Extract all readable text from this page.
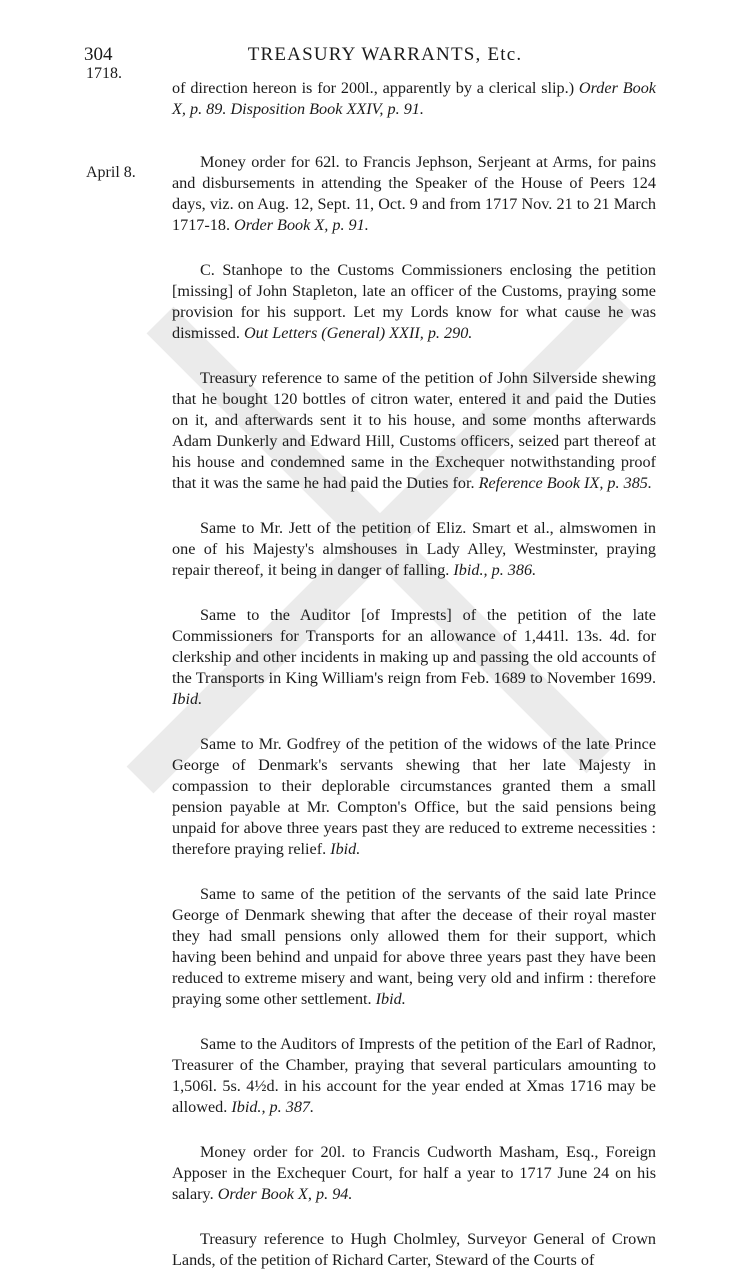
304
1718.
TREASURY WARRANTS, Etc.
April 8.

of direction hereon is for 200l., apparently by a clerical slip.) Order Book X, p. 89. Disposition Book XXIV, p. 91.

Money order for 62l. to Francis Jephson, Serjeant at Arms, for pains and disbursements in attending the Speaker of the House of Peers 124 days, viz. on Aug. 12, Sept. 11, Oct. 9 and from 1717 Nov. 21 to 21 March 1717-18. Order Book X, p. 91.

C. Stanhope to the Customs Commissioners enclosing the petition [missing] of John Stapleton, late an officer of the Customs, praying some provision for his support. Let my Lords know for what cause he was dismissed. Out Letters (General) XXII, p. 290.

Treasury reference to same of the petition of John Silverside shewing that he bought 120 bottles of citron water, entered it and paid the Duties on it, and afterwards sent it to his house, and some months afterwards Adam Dunkerly and Edward Hill, Customs officers, seized part thereof at his house and condemned same in the Exchequer notwithstanding proof that it was the same he had paid the Duties for. Reference Book IX, p. 385.

Same to Mr. Jett of the petition of Eliz. Smart et al., almswomen in one of his Majesty's almshouses in Lady Alley, Westminster, praying repair thereof, it being in danger of falling. Ibid., p. 386.

Same to the Auditor [of Imprests] of the petition of the late Commissioners for Transports for an allowance of 1,441l. 13s. 4d. for clerkship and other incidents in making up and passing the old accounts of the Transports in King William's reign from Feb. 1689 to November 1699. Ibid.

Same to Mr. Godfrey of the petition of the widows of the late Prince George of Denmark's servants shewing that her late Majesty in compassion to their deplorable circumstances granted them a small pension payable at Mr. Compton's Office, but the said pensions being unpaid for above three years past they are reduced to extreme necessities : therefore praying relief. Ibid.

Same to same of the petition of the servants of the said late Prince George of Denmark shewing that after the decease of their royal master they had small pensions only allowed them for their support, which having been behind and unpaid for above three years past they have been reduced to extreme misery and want, being very old and infirm : therefore praying some other settlement. Ibid.

Same to the Auditors of Imprests of the petition of the Earl of Radnor, Treasurer of the Chamber, praying that several particulars amounting to 1,506l. 5s. 4½d. in his account for the year ended at Xmas 1716 may be allowed. Ibid., p. 387.

Money order for 20l. to Francis Cudworth Masham, Esq., Foreign Apposer in the Exchequer Court, for half a year to 1717 June 24 on his salary. Order Book X, p. 94.

Treasury reference to Hugh Cholmley, Surveyor General of Crown Lands, of the petition of Richard Carter, Steward of the Courts of
